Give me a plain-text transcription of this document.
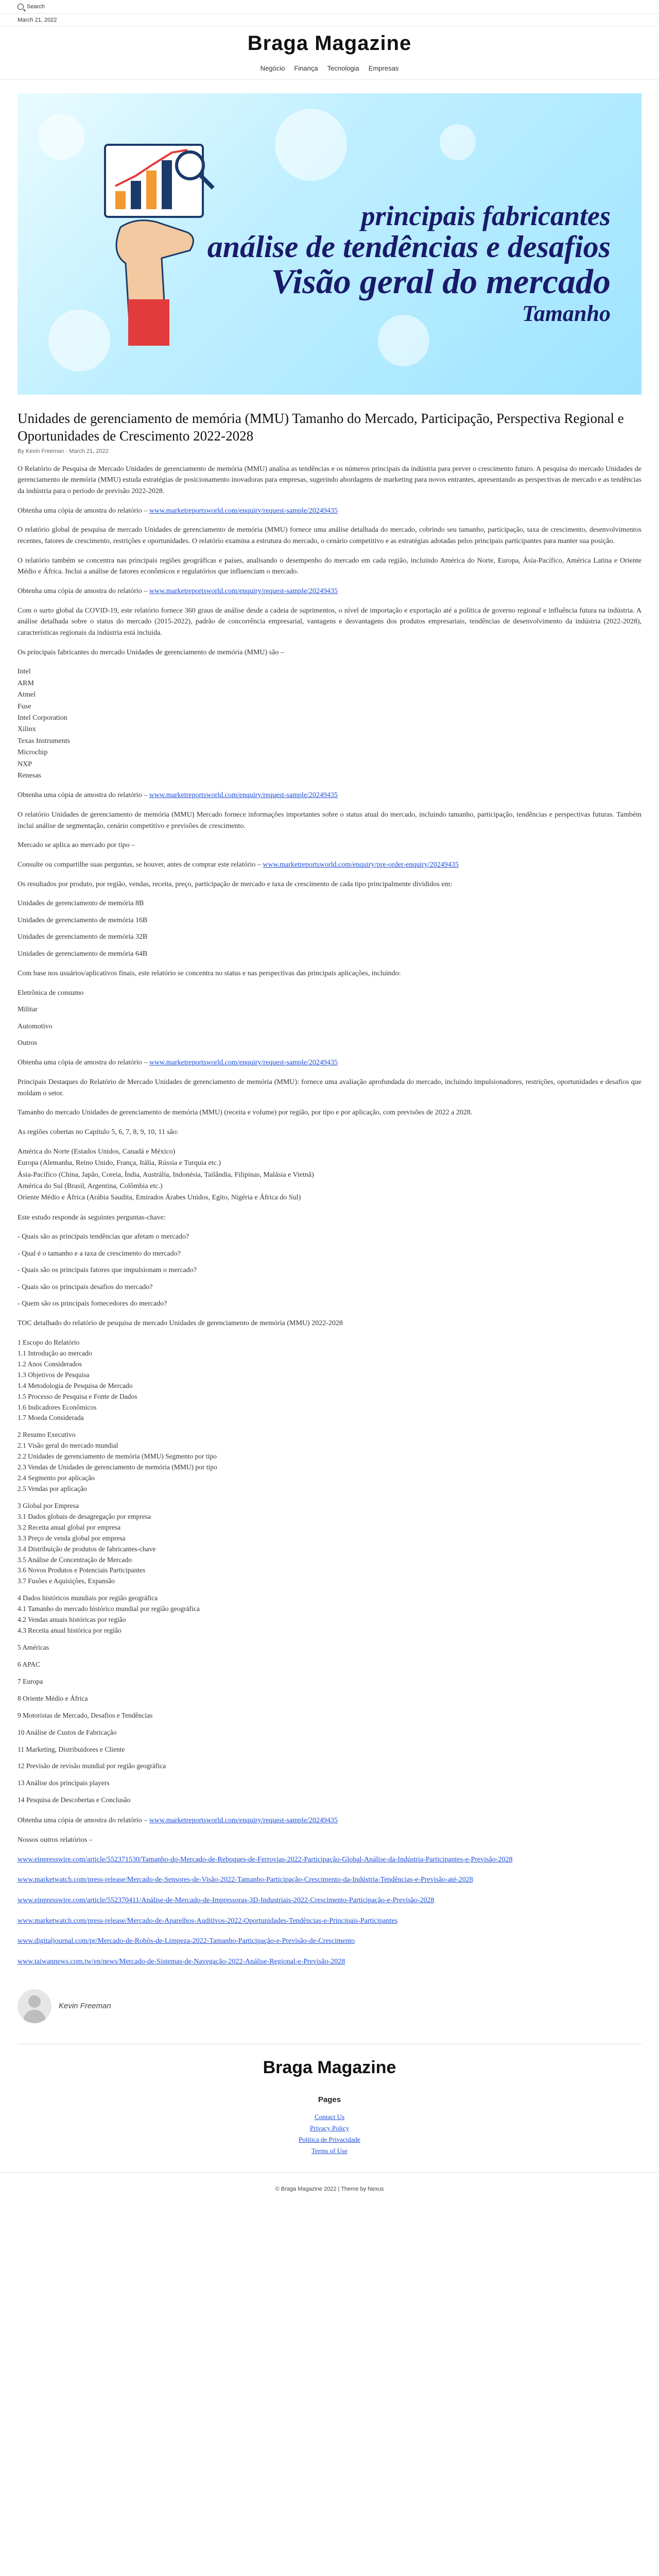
Search
March 21, 2022
Braga Magazine
Negócio Finança Tecnologia Empresas
principais fabricantes
análise de tendências e desafios
Visão geral do mercado
Tamanho
Unidades de gerenciamento de memória (MMU) Tamanho do Mercado, Participação, Perspectiva Regional e Oportunidades de Crescimento 2022-2028
By Kevin Freeman · March 21, 2022

O Relatório de Pesquisa de Mercado Unidades de gerenciamento de memória (MMU) analisa as tendências e os números principais da indústria para prever o crescimento futuro. A pesquisa do mercado Unidades de gerenciamento de memória (MMU) estuda estratégias de posicionamento inovadoras para empresas, sugerindo abordagens de marketing para novos entrantes, apresentando as perspectivas de mercado e as tendências da indústria para o período de previsão 2022-2028.

Obtenha uma cópia de amostra do relatório – www.marketreportsworld.com/enquiry/request-sample/20249435

O relatório global de pesquisa de mercado Unidades de gerenciamento de memória (MMU) fornece uma análise detalhada do mercado, cobrindo seu tamanho, participação, taxa de crescimento, desenvolvimentos recentes, fatores de crescimento, restrições e oportunidades. O relatório examina a estrutura do mercado, o cenário competitivo e as estratégias adotadas pelos principais participantes para manter sua posição.

O relatório também se concentra nas principais regiões geográficas e países, analisando o desempenho do mercado em cada região, incluindo América do Norte, Europa, Ásia-Pacífico, América Latina e Oriente Médio e África. Inclui a análise de fatores econômicos e regulatórios que influenciam o mercado.

Obtenha uma cópia de amostra do relatório – www.marketreportsworld.com/enquiry/request-sample/20249435

Com o surto global da COVID-19, este relatório fornece 360 graus de análise desde a cadeia de suprimentos, o nível de importação e exportação até a política de governo regional e influência futura na indústria. A análise detalhada sobre o status do mercado (2015-2022), padrão de concorrência empresarial, vantagens e desvantagens dos produtos empresariais, tendências de desenvolvimento da indústria (2022-2028), características regionais da indústria está incluída.

Os principais fabricantes do mercado Unidades de gerenciamento de memória (MMU) são –

Intel
ARM
Atmel
Fuse
Intel Corporation
Xilinx
Texas Instruments
Microchip
NXP
Renesas

Obtenha uma cópia de amostra do relatório – www.marketreportsworld.com/enquiry/request-sample/20249435

O relatório Unidades de gerenciamento de memória (MMU) Mercado fornece informações importantes sobre o status atual do mercado, incluindo tamanho, participação, tendências e perspectivas futuras. Também inclui análise de segmentação, cenário competitivo e previsões de crescimento.

Mercado se aplica ao mercado por tipo –

Consulte ou compartilhe suas perguntas, se houver, antes de comprar este relatório – www.marketreportsworld.com/enquiry/pre-order-enquiry/20249435

Os resultados por produto, por região, vendas, receita, preço, participação de mercado e taxa de crescimento de cada tipo principalmente divididos em:

Unidades de gerenciamento de memória 8B
Unidades de gerenciamento de memória 16B
Unidades de gerenciamento de memória 32B
Unidades de gerenciamento de memória 64B

Com base nos usuários/aplicativos finais, este relatório se concentra no status e nas perspectivas das principais aplicações, incluindo:

Eletrônica de consumo
Militar
Automotivo
Outros

Obtenha uma cópia de amostra do relatório – www.marketreportsworld.com/enquiry/request-sample/20249435

Principais Destaques do Relatório de Mercado Unidades de gerenciamento de memória (MMU): fornece uma avaliação aprofundada do mercado, incluindo impulsionadores, restrições, oportunidades e desafios que moldam o setor.

Tamanho do mercado Unidades de gerenciamento de memória (MMU) (receita e volume) por região, por tipo e por aplicação, com previsões de 2022 a 2028.

As regiões cobertas no Capítulo 5, 6, 7, 8, 9, 10, 11 são:

América do Norte (Estados Unidos, Canadá e México)
Europa (Alemanha, Reino Unido, França, Itália, Rússia e Turquia etc.)
Ásia-Pacífico (China, Japão, Coreia, Índia, Austrália, Indonésia, Tailândia, Filipinas, Malásia e Vietnã)
América do Sul (Brasil, Argentina, Colômbia etc.)
Oriente Médio e África (Arábia Saudita, Emirados Árabes Unidos, Egito, Nigéria e África do Sul)

Este estudo responde às seguintes perguntas-chave:

- Quais são as principais tendências que afetam o mercado?
- Qual é o tamanho e a taxa de crescimento do mercado?
- Quais são os principais fatores que impulsionam o mercado?
- Quais são os principais desafios do mercado?
- Quem são os principais fornecedores do mercado?

TOC detalhado do relatório de pesquisa de mercado Unidades de gerenciamento de memória (MMU) 2022-2028

1 Escopo do Relatório
1.1 Introdução ao mercado
1.2 Anos Considerados
1.3 Objetivos de Pesquisa
1.4 Metodologia de Pesquisa de Mercado
1.5 Processo de Pesquisa e Fonte de Dados
1.6 Indicadores Econômicos
1.7 Moeda Considerada
2 Resumo Executivo
2.1 Visão geral do mercado mundial
2.2 Unidades de gerenciamento de memória (MMU) Segmento por tipo
2.3 Vendas de Unidades de gerenciamento de memória (MMU) por tipo
2.4 Segmento por aplicação
2.5 Vendas por aplicação
3 Global por Empresa
3.1 Dados globais de desagregação por empresa
3.2 Receita anual global por empresa
3.3 Preço de venda global por empresa
3.4 Distribuição de produtos de fabricantes-chave
3.5 Análise de Concentração de Mercado
3.6 Novos Produtos e Potenciais Participantes
3.7 Fusões e Aquisições, Expansão
4 Dados históricos mundiais por região geográfica
4.1 Tamanho do mercado histórico mundial por região geográfica
4.2 Vendas anuais históricas por região
4.3 Receita anual histórica por região
5 Américas
6 APAC
7 Europa
8 Oriente Médio e África
9 Motoristas de Mercado, Desafios e Tendências
10 Análise de Custos de Fabricação
11 Marketing, Distribuidores e Cliente
12 Previsão de revisão mundial por região geográfica
13 Análise dos principais players
14 Pesquisa de Descobertas e Conclusão

Obtenha uma cópia de amostra do relatório – www.marketreportsworld.com/enquiry/request-sample/20249435

Nossos outros relatórios –

www.einpresswire.com/article/552371530/Tamanho-do-Mercado-de-Reboques-de-Ferrovias-2022-Participação-Global-Análise-da-Indústria-Participantes-e-Previsão-2028
www.marketwatch.com/press-release/Mercado-de-Sensores-de-Visão-2022-Tamanho-Participação-Crescimento-da-Indústria-Tendências-e-Previsão-até-2028
www.einpresswire.com/article/552370411/Análise-de-Mercado-de-Impressoras-3D-Industriais-2022-Crescimento-Participação-e-Previsão-2028
www.marketwatch.com/press-release/Mercado-de-Aparelhos-Auditivos-2022-Oportunidades-Tendências-e-Principais-Participantes
www.digitaljournal.com/pr/Mercado-de-Robôs-de-Limpeza-2022-Tamanho-Participação-e-Previsão-de-Crescimento
www.taiwannews.com.tw/en/news/Mercado-de-Sistemas-de-Navegação-2022-Análise-Regional-e-Previsão-2028
Kevin Freeman
Braga Magazine
Pages
Contact Us
Privacy Policy
Política de Privacidade
Terms of Use
© Braga Magazine 2022 | Theme by Nexus
